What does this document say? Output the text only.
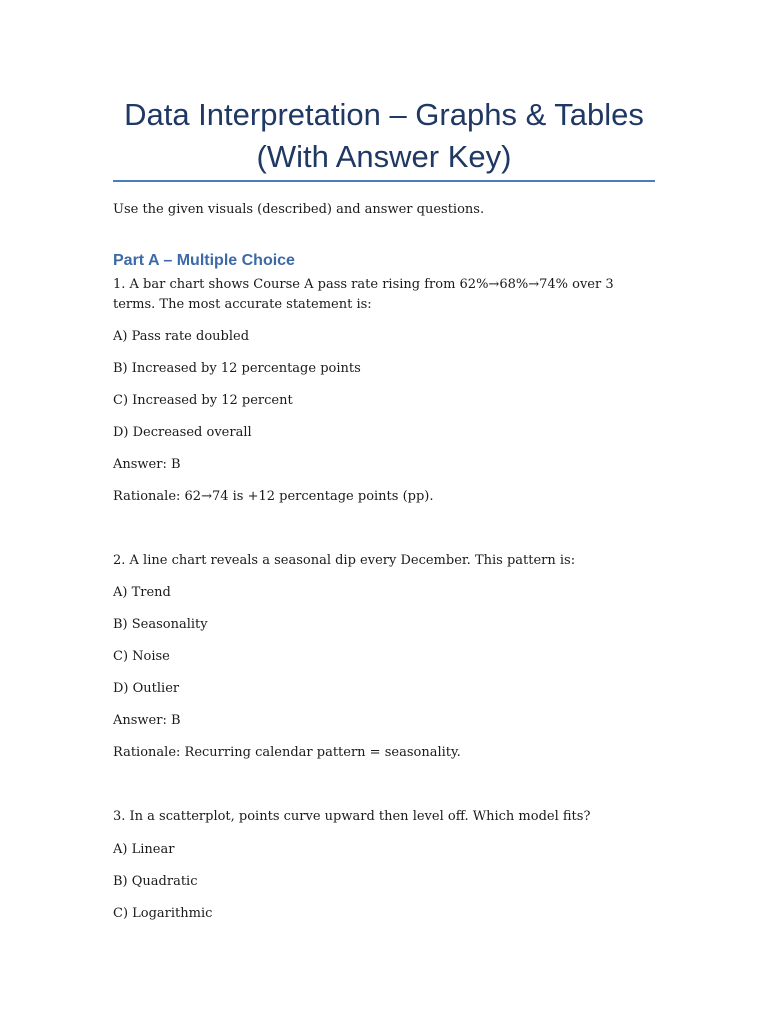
Data Interpretation – Graphs & Tables (With Answer Key)

Use the given visuals (described) and answer questions.

Part A – Multiple Choice

1. A bar chart shows Course A pass rate rising from 62%→68%→74% over 3 terms. The most accurate statement is:

A) Pass rate doubled

B) Increased by 12 percentage points

C) Increased by 12 percent

D) Decreased overall

Answer: B

Rationale: 62→74 is +12 percentage points (pp).

2. A line chart reveals a seasonal dip every December. This pattern is:

A) Trend

B) Seasonality

C) Noise

D) Outlier

Answer: B

Rationale: Recurring calendar pattern = seasonality.

3. In a scatterplot, points curve upward then level off. Which model fits?

A) Linear

B) Quadratic

C) Logarithmic
